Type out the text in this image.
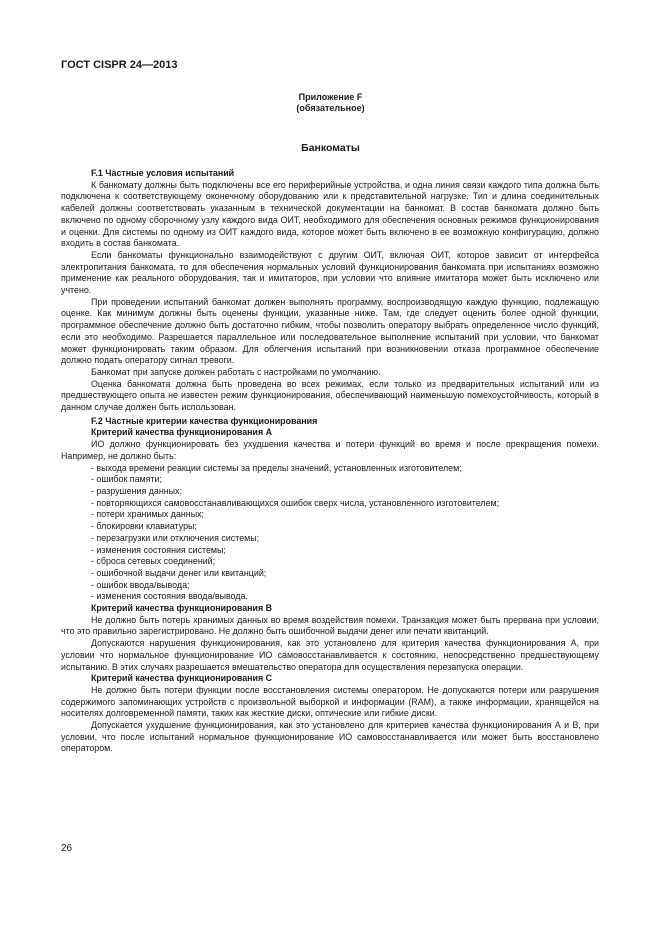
ГОСТ CISPR 24—2013
Приложение F
(обязательное)
Банкоматы

F.1 Частные условия испытаний

К банкомату должны быть подключены все его периферийные устройства, и одна линия связи каждого типа должна быть подключена к соответствующему оконечному оборудованию или к представительной нагрузке. Тип и длина соединительных кабелей должны соответствовать указанным в технической документации на банкомат. В состав банкомата должно быть включено по одному сборочному узлу каждого вида ОИТ, необходимого для обеспечения основных режимов функционирования и оценки. Для системы по одному из ОИТ каждого вида, которое может быть включено в ее возможную конфигурацию, должно входить в состав банкомата.

Если банкоматы функционально взаимодействуют с другим ОИТ, включая ОИТ, которое зависит от интерфейса электропитания банкомата, то для обеспечения нормальных условий функционирования банкомата при испытаниях возможно применение как реального оборудования, так и имитаторов, при условии что влияние имитатора может быть исключено или учтено.

При проведении испытаний банкомат должен выполнять программу, воспроизводящую каждую функцию, подлежащую оценке. Как минимум должны быть оценены функции, указанные ниже. Там, где следует оценить более одной функции, программное обеспечение должно быть достаточно гибким, чтобы позволить оператору выбрать определенное число функций, если это необходимо. Разрешается параллельное или последовательное выполнение испытаний при условии, что банкомат может функционировать таким образом. Для облегчения испытаний при возникновении отказа программное обеспечение должно подать оператору сигнал тревоги.

Банкомат при запуске должен работать с настройками по умолчанию.

Оценка банкомата должна быть проведена во всех режимах, если только из предварительных испытаний или из предшествующего опыта не известен режим функционирования, обеспечивающий наименьшую помехоустойчивость, который в данном случае должен быть использован.

F.2 Частные критерии качества функционирования

Критерий качества функционирования А

ИО должно функционировать без ухудшения качества и потери функций во время и после прекращения помехи. Например, не должно быть:

- выхода времени реакции системы за пределы значений, установленных изготовителем;

- ошибок памяти;

- разрушения данных;

- повторяющихся самовосстанавливающихся ошибок сверх числа, установленного изготовителем;

- потери хранимых данных;

- блокировки клавиатуры;

- перезагрузки или отключения системы;

- изменения состояния системы;

- сброса сетевых соединений;

- ошибочной выдачи денег или квитанций;

- ошибок ввода/вывода;

- изменения состояния ввода/вывода.

Критерий качества функционирования В

Не должно быть потерь хранимых данных во время воздействия помехи. Транзакция может быть прервана при условии, что это правильно зарегистрировано. Не должно быть ошибочной выдачи денег или печати квитанций.

Допускаются нарушения функционирования, как это установлено для критерия качества функционирования А, при условии что нормальное функционирование ИО самовосстанавливается к состоянию, непосредственно предшествующему испытанию. В этих случаях разрешается вмешательство оператора для осуществления перезапуска операции.

Критерий качества функционирования С

Не должно быть потери функции после восстановления системы оператором. Не допускаются потери или разрушения содержимого запоминающих устройств с произвольной выборкой и информации (RAM), а также информации, хранящейся на носителях долговременной памяти, таких как жесткие диски, оптические или гибкие диски.

Допускается ухудшение функционирования, как это установлено для критериев качества функционирования А и В, при условии, что после испытаний нормальное функционирование ИО самовосстанавливается или может быть восстановлено оператором.

26
